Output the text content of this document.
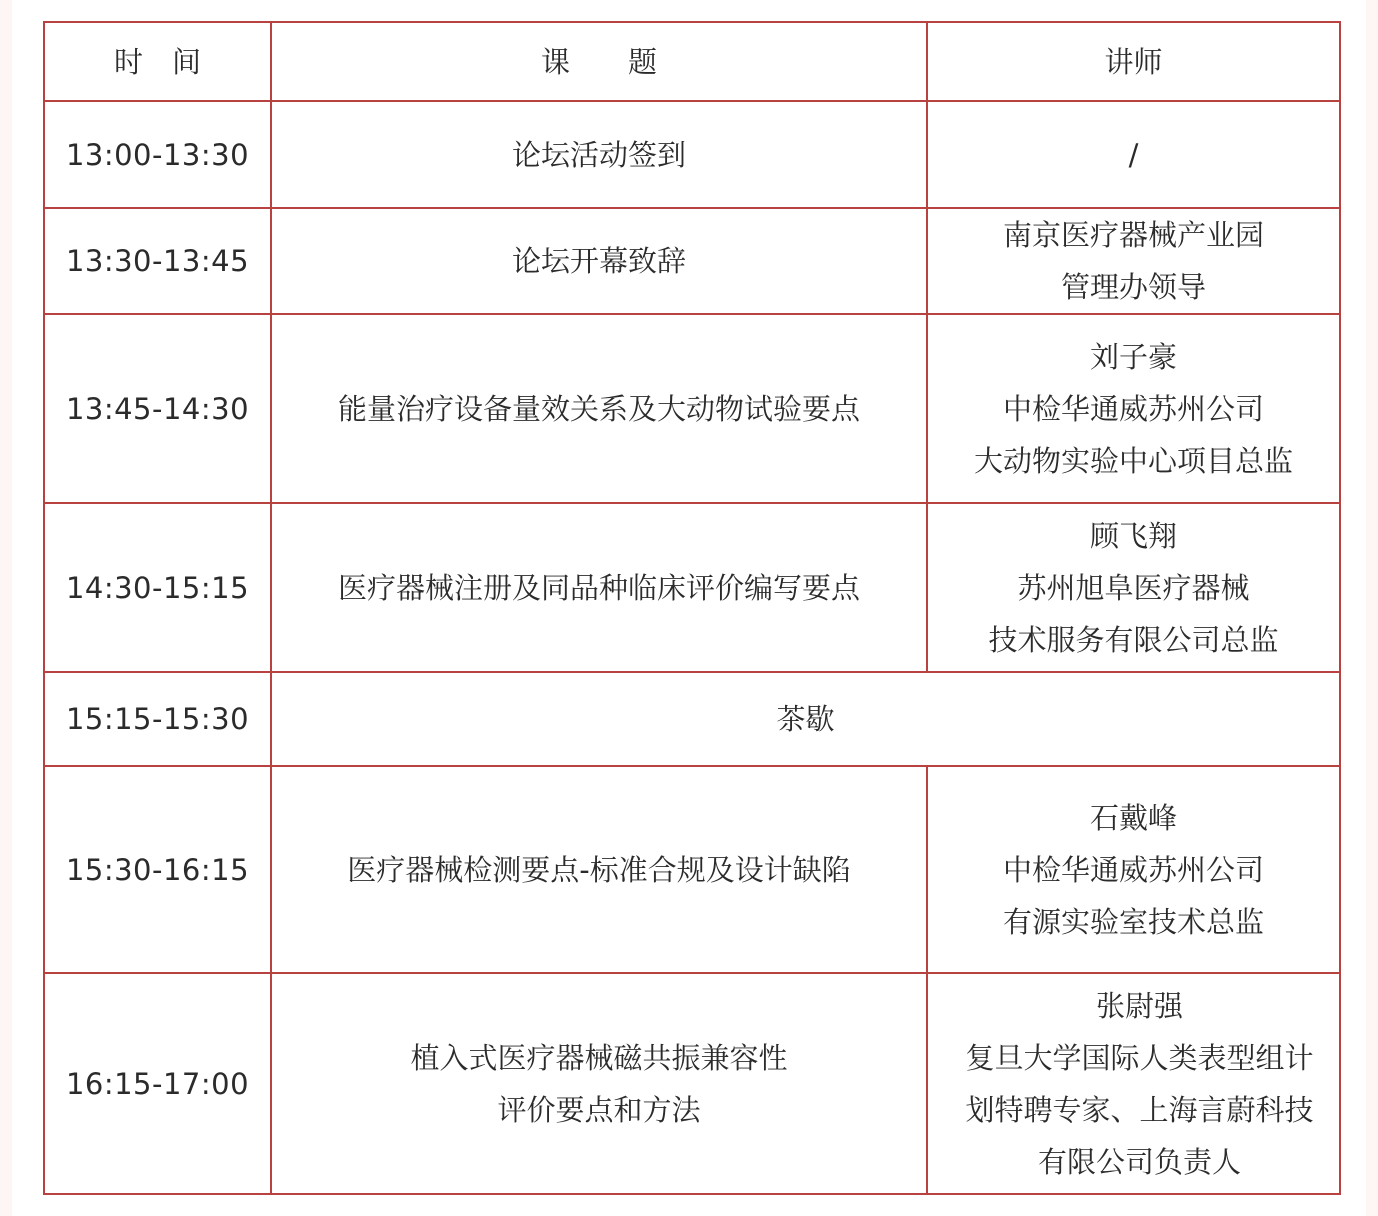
时　间	课　　题	讲师
13:00-13:30	论坛活动签到	/

13:30-13:45	论坛开幕致辞	南京医疗器械产业园
管理办领导

13:45-14:30	能量治疗设备量效关系及大动物试验要点	刘子豪
中检华通威苏州公司
大动物实验中心项目总监

14:30-15:15	医疗器械注册及同品种临床评价编写要点	顾飞翔
苏州旭阜医疗器械
技术服务有限公司总监

15:15-15:30	茶歇	
15:30-16:15	医疗器械检测要点-标准合规及设计缺陷	石戴峰
中检华通威苏州公司
有源实验室技术总监

16:15-17:00	植入式医疗器械磁共振兼容性
评价要点和方法	张尉强
复旦大学国际人类表型组计
划特聘专家、上海言蔚科技
有限公司负责人
